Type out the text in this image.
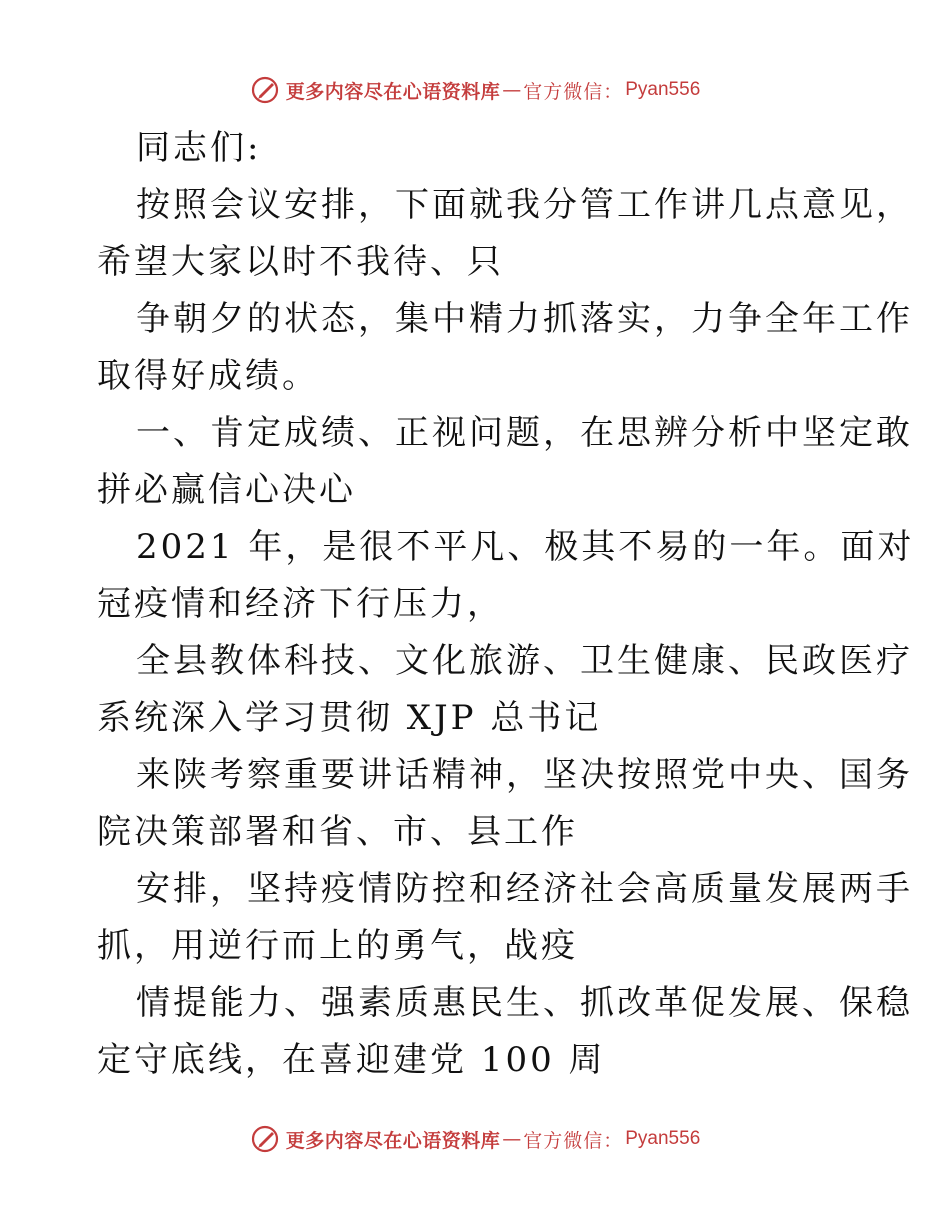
更多内容尽在心语资料库 — 官方微信： Pyan556
同志们:
按照会议安排，下面就我分管工作讲几点意见，
希望大家以时不我待、只
争朝夕的状态，集中精力抓落实，力争全年工作
取得好成绩。
一、肯定成绩、正视问题，在思辨分析中坚定敢
拼必赢信心决心
2021 年，是很不平凡、极其不易的一年。面对
冠疫情和经济下行压力，
全县教体科技、文化旅游、卫生健康、民政医疗
系统深入学习贯彻 XJP 总书记
来陕考察重要讲话精神，坚决按照党中央、国务
院决策部署和省、市、县工作
安排，坚持疫情防控和经济社会高质量发展两手
抓，用逆行而上的勇气，战疫
情提能力、强素质惠民生、抓改革促发展、保稳
定守底线，在喜迎建党 100 周
更多内容尽在心语资料库 — 官方微信： Pyan556
